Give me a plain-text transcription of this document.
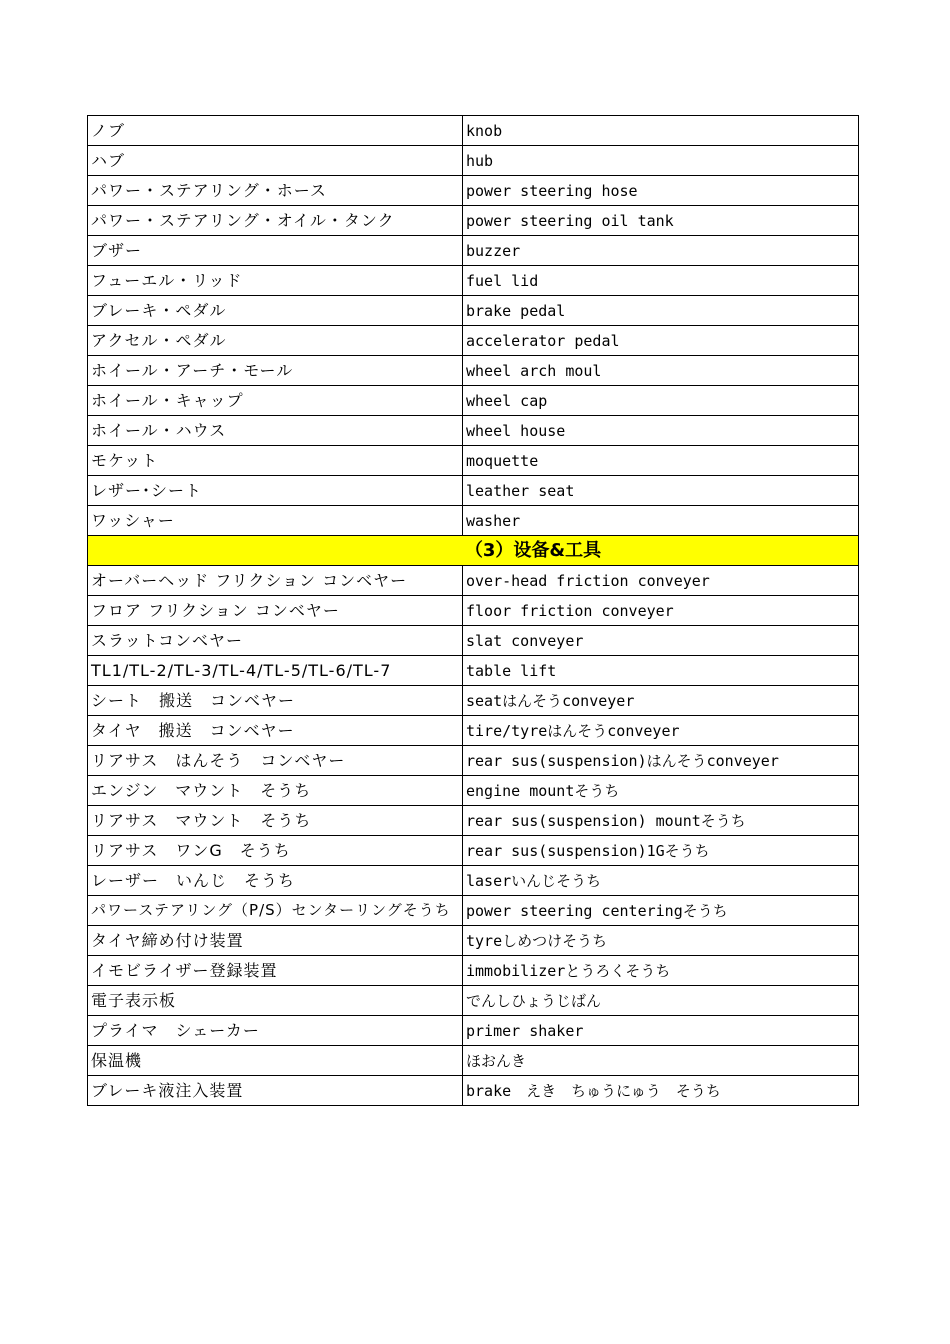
ノブ	knob
ハブ	hub
パワー・ステアリング・ホース	power steering hose
パワー・ステアリング・オイル・タンク	power steering oil tank
ブザー	buzzer
フューエル・リッド	fuel lid
ブレーキ・ペダル	brake pedal
アクセル・ペダル	accelerator pedal
ホイール・アーチ・モール	wheel arch moul
ホイール・キャップ	wheel cap
ホイール・ハウス	wheel house
モケット	moquette
レザー･シート	leather seat
ワッシャー	washer
（3）设备&工具	
オーバーヘッド フリクション コンベヤー	over-head friction conveyer
フロア フリクション コンベヤー	floor friction conveyer
スラットコンベヤー	slat conveyer
TL1/TL-2/TL-3/TL-4/TL-5/TL-6/TL-7	table lift
シート　搬送　コンベヤー	seatはんそうconveyer
タイヤ　搬送　コンベヤー	tire/tyreはんそうconveyer
リアサス　はんそう　コンベヤー	rear sus(suspension)はんそうconveyer
エンジン　マウント　そうち	engine mountそうち
リアサス　マウント　そうち	rear sus(suspension) mountそうち
リアサス　ワンG　そうち	rear sus(suspension)1Gそうち
レーザー　いんじ　そうち	laserいんじそうち
パワーステアリング（P/S）センターリングそうち	power steering centeringそうち
タイヤ締め付け装置	tyreしめつけそうち
イモビライザー登録装置	immobilizerとうろくそうち
電子表示板	でんしひょうじばん
プライマ　シェーカー	primer shaker
保温機	ほおんき
ブレーキ液注入装置	brake　えき　ちゅうにゅう　そうち
